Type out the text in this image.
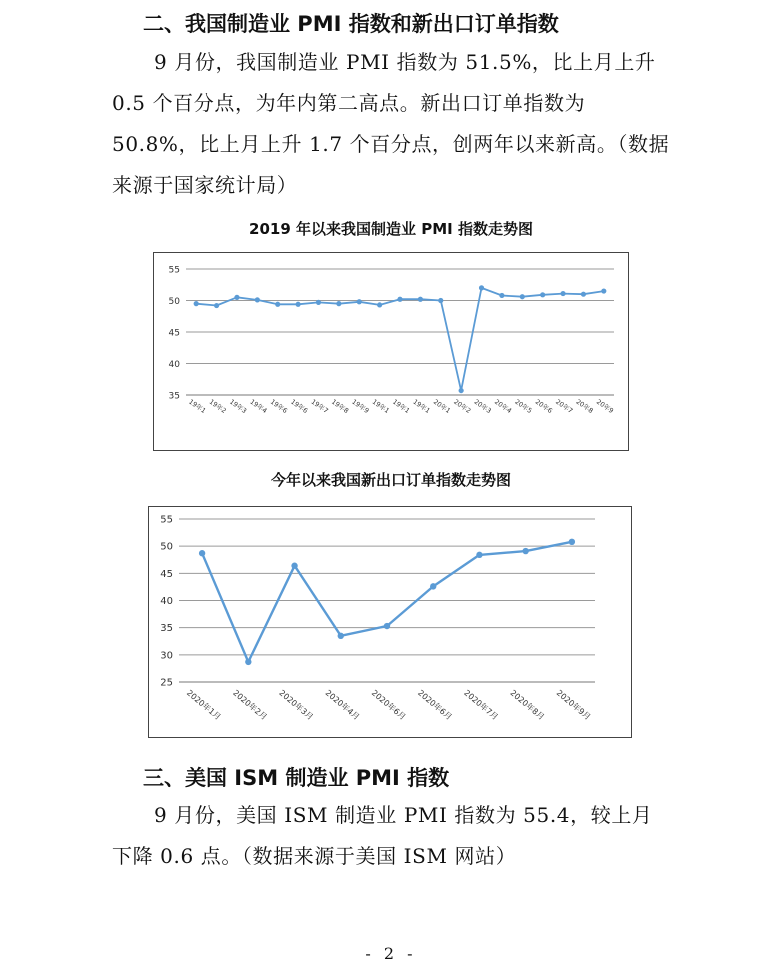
二、我国制造业 PMI 指数和新出口订单指数

9 月份，我国制造业 PMI 指数为 51.5%，比上月上升 0.5 个百分点，为年内第二高点。新出口订单指数为 50.8%，比上月上升 1.7 个百分点，创两年以来新高。（数据来源于国家统计局）

2019 年以来我国制造业 PMI 指数走势图
35
40
45
50
55
19年1 19年2 19年3 19年4 19年6 19年6 19年7 19年8 19年9 19年1 19年1 19年1 20年1 20年2 20年3 20年4 20年5 20年6 20年7 20年8 20年9
今年以来我国新出口订单指数走势图
25
30
35
40
45
50
55
2020年1月 2020年2月 2020年3月 2020年4月 2020年6月 2020年6月 2020年7月 2020年8月 2020年9月
三、美国 ISM 制造业 PMI 指数

9 月份，美国 ISM 制造业 PMI 指数为 55.4，较上月下降 0.6 点。（数据来源于美国 ISM 网站）

- 2 -
